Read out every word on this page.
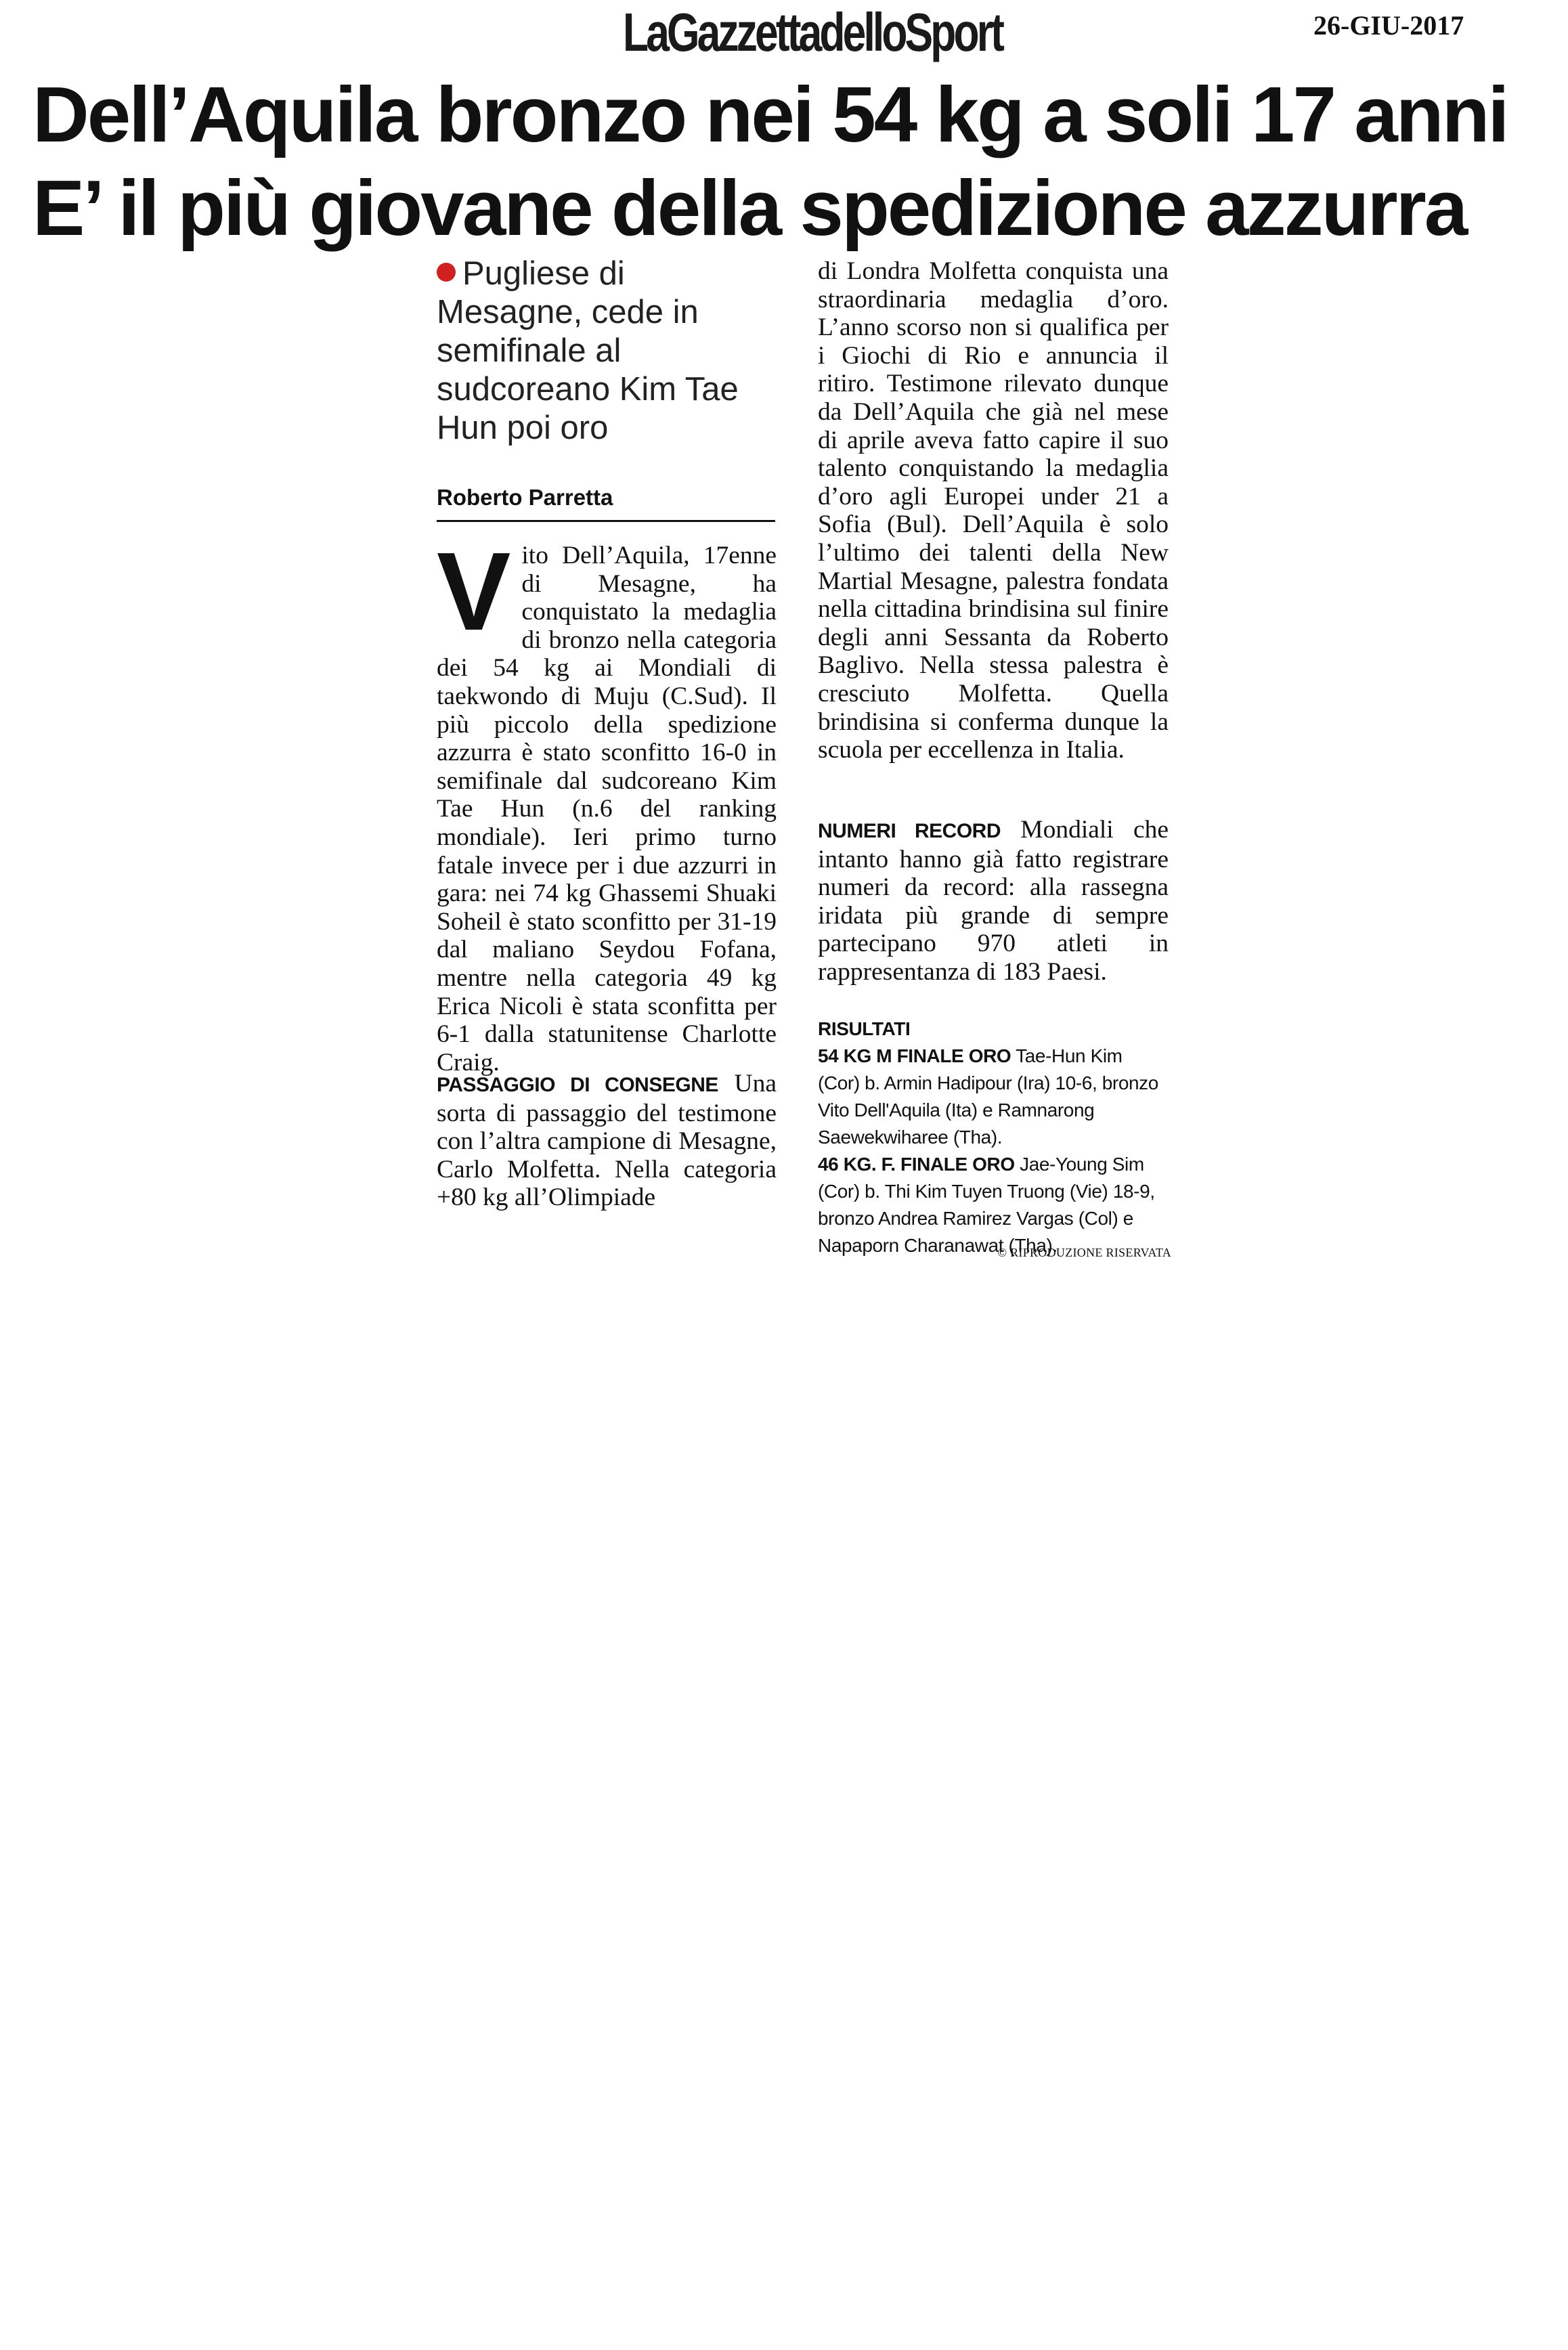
LaGazzettadelloSport	26-GIU-2017
Dell’Aquila bronzo nei 54 kg a soli 17 anni
E’ il più giovane della spedizione azzurra
Pugliese di Mesagne, cede in semifinale al sudcoreano Kim Tae Hun poi oro
Roberto Parretta
Vito Dell’Aquila, 17enne di Mesagne, ha conquistato la medaglia di bronzo nella categoria dei 54 kg ai Mondiali di taekwondo di Muju (C.Sud). Il più piccolo della spedizione azzurra è stato sconfitto 16-0 in semifinale dal sudcoreano Kim Tae Hun (n.6 del ranking mondiale). Ieri primo turno fatale invece per i due azzurri in gara: nei 74 kg Ghassemi Shuaki Soheil è stato sconfitto per 31-19 dal maliano Seydou Fofana, mentre nella categoria 49 kg Erica Nicoli è stata sconfitta per 6-1 dalla statunitense Charlotte Craig.
PASSAGGIO DI CONSEGNE Una sorta di passaggio del testimone con l’altra campione di Mesagne, Carlo Molfetta. Nella categoria +80 kg all’Olimpiade
di Londra Molfetta conquista una straordinaria medaglia d’oro. L’anno scorso non si qualifica per i Giochi di Rio e annuncia il ritiro. Testimone rilevato dunque da Dell’Aquila che già nel mese di aprile aveva fatto capire il suo talento conquistando la medaglia d’oro agli Europei under 21 a Sofia (Bul). Dell’Aquila è solo l’ultimo dei talenti della New Martial Mesagne, palestra fondata nella cittadina brindisina sul finire degli anni Sessanta da Roberto Baglivo. Nella stessa palestra è cresciuto Molfetta. Quella brindisina si conferma dunque la scuola per eccellenza in Italia.
NUMERI RECORD Mondiali che intanto hanno già fatto registrare numeri da record: alla rassegna iridata più grande di sempre partecipano 970 atleti in rappresentanza di 183 Paesi.
RISULTATI
54 KG M FINALE ORO Tae-Hun Kim (Cor) b. Armin Hadipour (Ira) 10-6, bronzo Vito Dell'Aquila (Ita) e Ramnarong Saewekwiharee (Tha).
46 KG. F. FINALE ORO Jae-Young Sim (Cor) b. Thi Kim Tuyen Truong (Vie) 18-9, bronzo Andrea Ramirez Vargas (Col) e Napaporn Charanawat (Tha).
© RIPRODUZIONE RISERVATA
